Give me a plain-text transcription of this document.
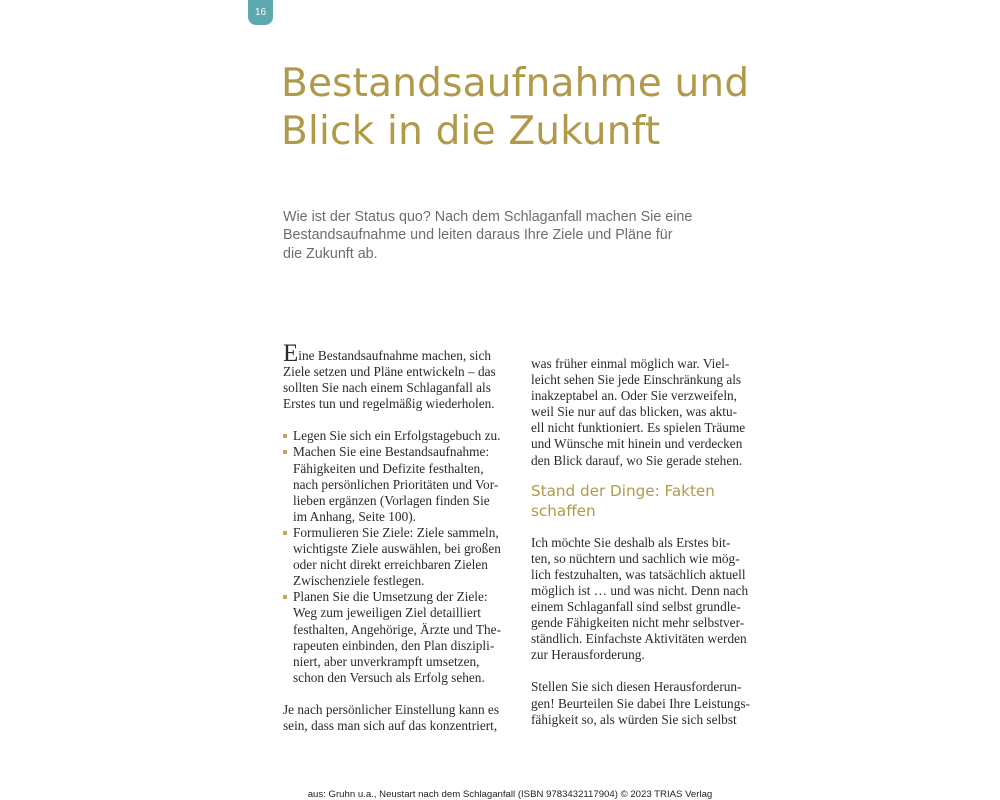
16
Bestandsaufnahme und
Blick in die Zukunft

Wie ist der Status quo? Nach dem Schlaganfall machen Sie eine
Bestandsaufnahme und leiten daraus Ihre Ziele und Pläne für
die Zukunft ab.

Eine Bestandsaufnahme machen, sich
Ziele setzen und Pläne entwickeln – das
sollten Sie nach einem Schlaganfall als
Erstes tun und regelmäßig wiederholen.
Legen Sie sich ein Erfolgstagebuch zu.
Machen Sie eine Bestandsaufnahme:
Fähigkeiten und Defizite festhalten,
nach persönlichen Prioritäten und Vor-
lieben ergänzen (Vorlagen finden Sie
im Anhang, Seite 100).
Formulieren Sie Ziele: Ziele sammeln,
wichtigste Ziele auswählen, bei großen
oder nicht direkt erreichbaren Zielen
Zwischenziele festlegen.
Planen Sie die Umsetzung der Ziele:
Weg zum jeweiligen Ziel detailliert
festhalten, Angehörige, Ärzte und The-
rapeuten einbinden, den Plan diszipli-
niert, aber unverkrampft umsetzen,
schon den Versuch als Erfolg sehen.
Je nach persönlicher Einstellung kann es
sein, dass man sich auf das konzentriert,
was früher einmal möglich war. Viel-
leicht sehen Sie jede Einschränkung als
inakzeptabel an. Oder Sie verzweifeln,
weil Sie nur auf das blicken, was aktu-
ell nicht funktioniert. Es spielen Träume
und Wünsche mit hinein und verdecken
den Blick darauf, wo Sie gerade stehen.
Stand der Dinge: Fakten
schaffen
Ich möchte Sie deshalb als Erstes bit-
ten, so nüchtern und sachlich wie mög-
lich festzuhalten, was tatsächlich aktuell
möglich ist … und was nicht. Denn nach
einem Schlaganfall sind selbst grundle-
gende Fähigkeiten nicht mehr selbstver-
ständlich. Einfachste Aktivitäten werden
zur Herausforderung.
Stellen Sie sich diesen Herausforderun-
gen! Beurteilen Sie dabei Ihre Leistungs-
fähigkeit so, als würden Sie sich selbst
aus: Gruhn u.a., Neustart nach dem Schlaganfall (ISBN 9783432117904) © 2023 TRIAS Verlag
